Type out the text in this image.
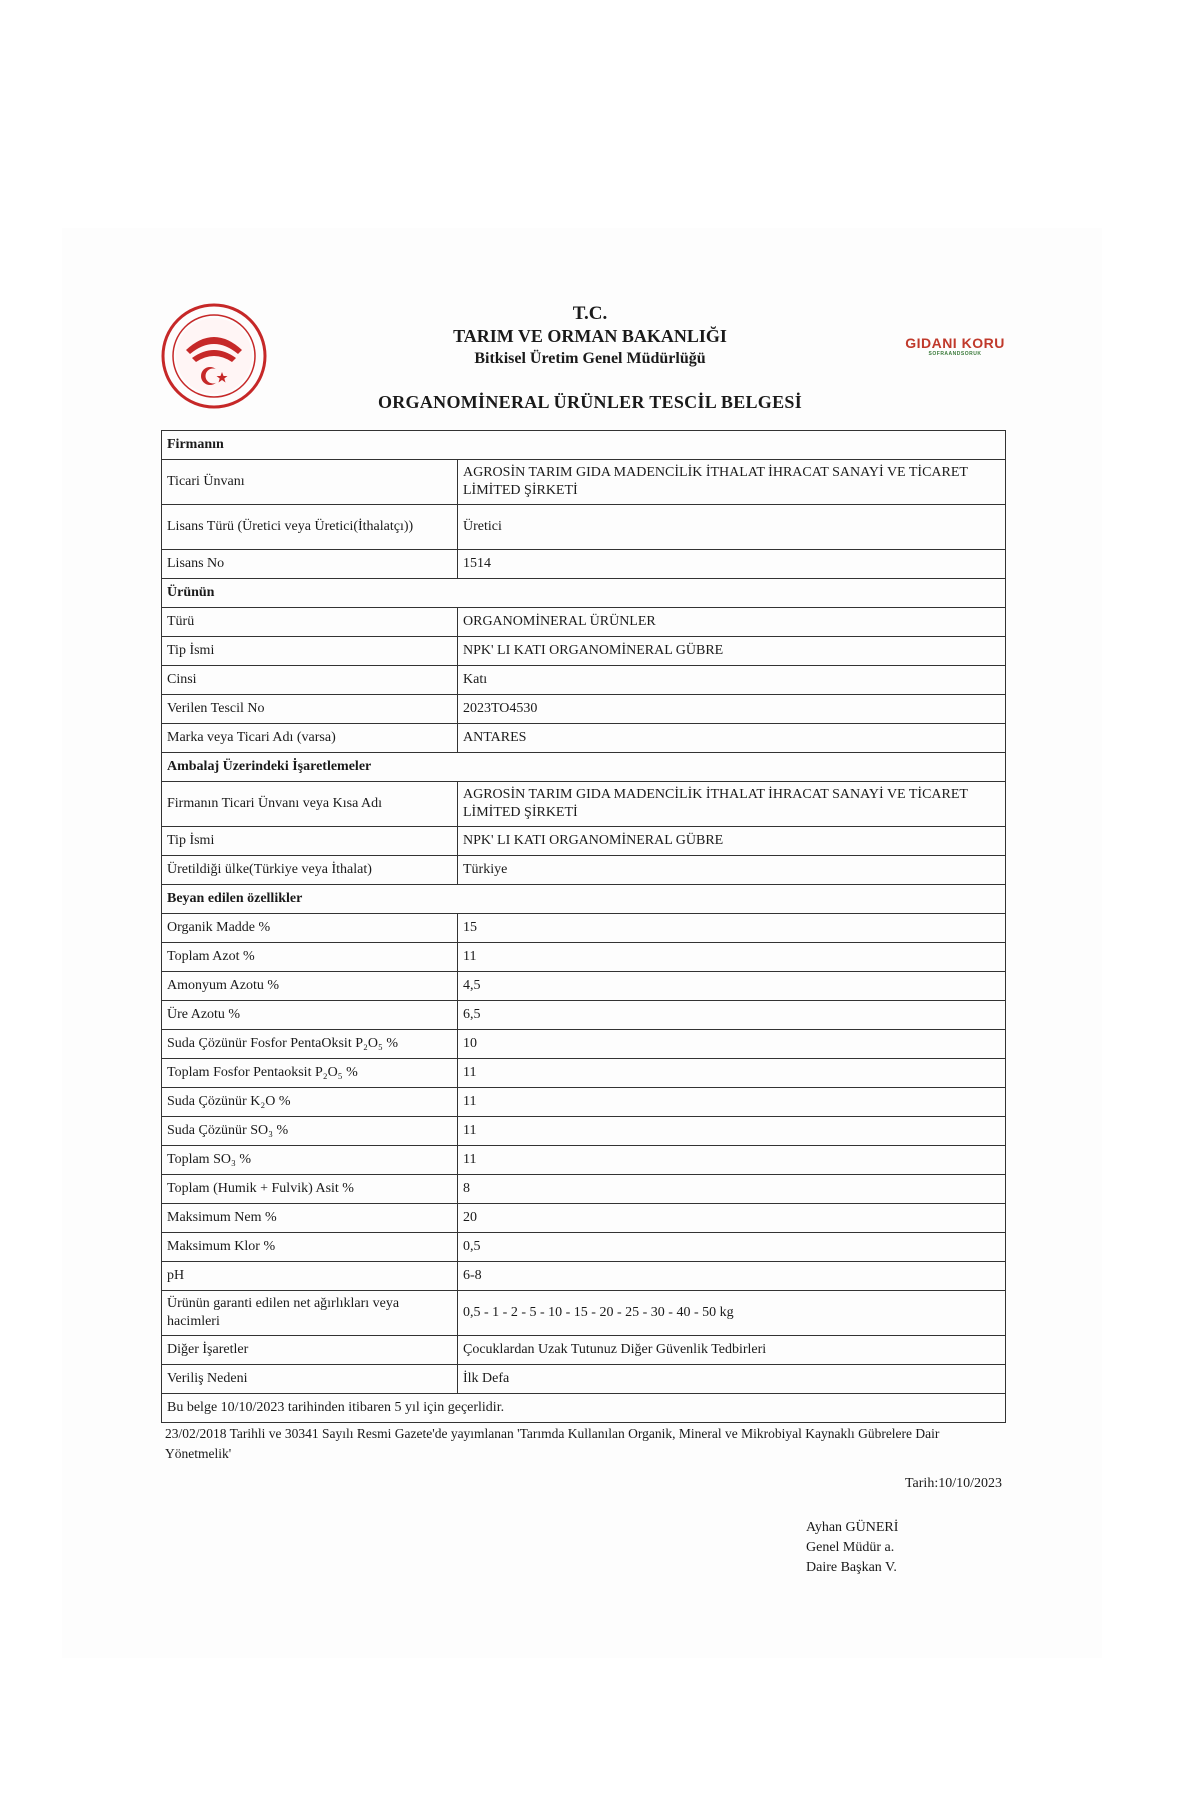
GIDANI KORU
SOFRAANDSORUK
T.C.
TARIM VE ORMAN BAKANLIĞI
Bitkisel Üretim Genel Müdürlüğü
ORGANOMİNERAL ÜRÜNLER TESCİL BELGESİ
Firmanın	
Ticari Ünvanı	AGROSİN TARIM GIDA MADENCİLİK İTHALAT İHRACAT SANAYİ VE TİCARET LİMİTED ŞİRKETİ
Lisans Türü (Üretici veya Üretici(İthalatçı))	Üretici
Lisans No	1514
Ürünün	
Türü	ORGANOMİNERAL ÜRÜNLER
Tip İsmi	NPK' LI KATI ORGANOMİNERAL GÜBRE
Cinsi	Katı
Verilen Tescil No	2023TO4530
Marka veya Ticari Adı (varsa)	ANTARES
Ambalaj Üzerindeki İşaretlemeler	
Firmanın Ticari Ünvanı veya Kısa Adı	AGROSİN TARIM GIDA MADENCİLİK İTHALAT İHRACAT SANAYİ VE TİCARET LİMİTED ŞİRKETİ
Tip İsmi	NPK' LI KATI ORGANOMİNERAL GÜBRE
Üretildiği ülke(Türkiye veya İthalat)	Türkiye
Beyan edilen özellikler	
Organik Madde %	15
Toplam Azot %	11
Amonyum Azotu %	4,5
Üre Azotu %	6,5
Suda Çözünür Fosfor PentaOksit P₂O₅ %	10
Toplam Fosfor Pentaoksit P₂O₅ %	11
Suda Çözünür K₂O %	11
Suda Çözünür SO₃ %	11
Toplam SO₃ %	11
Toplam (Humik + Fulvik) Asit %	8
Maksimum Nem %	20
Maksimum Klor %	0,5
pH	6-8
Ürünün garanti edilen net ağırlıkları veya hacimleri	0,5 - 1 - 2 - 5 - 10 - 15 - 20 - 25 - 30 - 40 - 50 kg
Diğer İşaretler	Çocuklardan Uzak Tutunuz Diğer Güvenlik Tedbirleri
Veriliş Nedeni	İlk Defa
Bu belge 10/10/2023 tarihinden itibaren 5 yıl için geçerlidir.	
23/02/2018 Tarihli ve 30341 Sayılı Resmi Gazete'de yayımlanan 'Tarımda Kullanılan Organik, Mineral ve Mikrobiyal Kaynaklı Gübrelere Dair Yönetmelik'
Tarih:10/10/2023
Ayhan GÜNERİ
Genel Müdür a.
Daire Başkan V.
